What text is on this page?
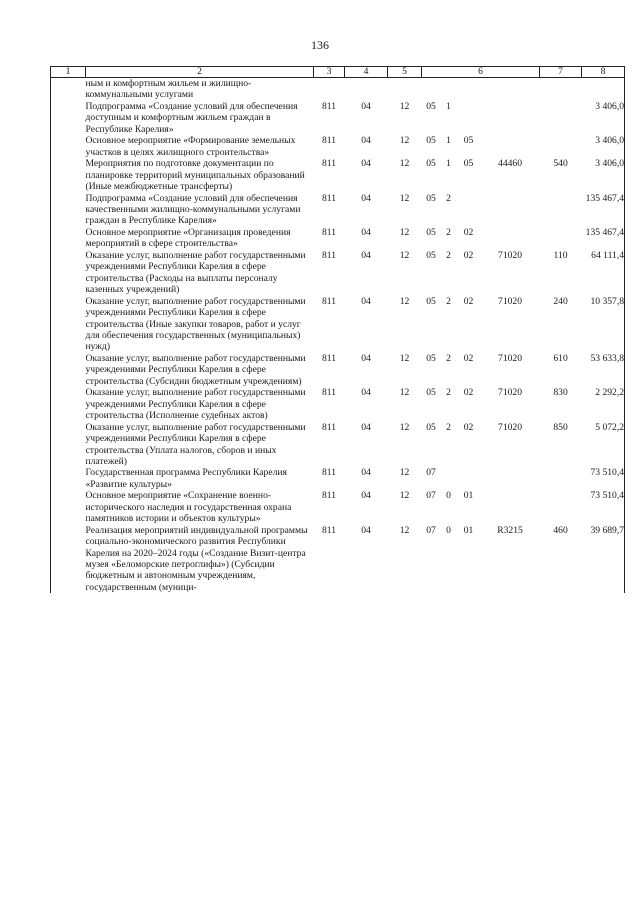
136
1	2	3	4	5	6				7	8
	ным и комфортным жильем и жилищно-коммунальными услугами									
	Подпрограмма «Создание условий для обеспечения доступным и комфортным жильем граждан в Республике Карелия»	811	04	12	05	1				3 406,0
	Основное мероприятие «Формирование земельных участков в целях жилищного строительства»	811	04	12	05	1	05			3 406,0
	Мероприятия по подготовке документации по планировке территорий муниципальных образований (Иные межбюджетные трансферты)	811	04	12	05	1	05	44460	540	3 406,0
	Подпрограмма «Создание условий для обеспечения качественными жилищно-коммунальными услугами граждан в Республике Карелия»	811	04	12	05	2				135 467,4
	Основное мероприятие «Организация проведения мероприятий в сфере строительства»	811	04	12	05	2	02			135 467,4
	Оказание услуг, выполнение работ государственными учреждениями Республики Карелия в сфере строительства (Расходы на выплаты персоналу казенных учреждений)	811	04	12	05	2	02	71020	110	64 111,4
	Оказание услуг, выполнение работ государственными учреждениями Республики Карелия в сфере строительства (Иные закупки товаров, работ и услуг для обеспечения государственных (муниципальных) нужд)	811	04	12	05	2	02	71020	240	10 357,8
	Оказание услуг, выполнение работ государственными учреждениями Республики Карелия в сфере строительства (Субсидии бюджетным учреждениям)	811	04	12	05	2	02	71020	610	53 633,8
	Оказание услуг, выполнение работ государственными учреждениями Республики Карелия в сфере строительства (Исполнение судебных актов)	811	04	12	05	2	02	71020	830	2 292,2
	Оказание услуг, выполнение работ государственными учреждениями Республики Карелия в сфере строительства (Уплата налогов, сборов и иных платежей)	811	04	12	05	2	02	71020	850	5 072,2
	Государственная программа Республики Карелия «Развитие культуры»	811	04	12	07					73 510,4
	Основное мероприятие «Сохранение военно-исторического наследия и государственная охрана памятников истории и объектов культуры»	811	04	12	07	0	01			73 510,4
	Реализация мероприятий индивидуальной программы социально-экономического развития Республики Карелия на 2020–2024 годы («Создание Визит-центра музея «Беломорские петроглифы») (Субсидии бюджетным и автономным учреждениям, государственным (муници-	811	04	12	07	0	01	R3215	460	39 689,7
